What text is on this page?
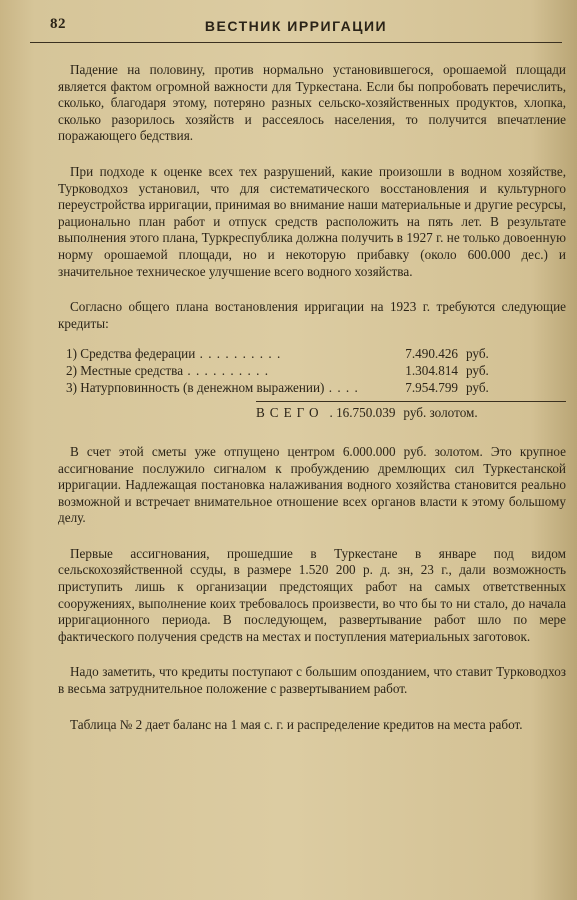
82	ВЕСТНИК ИРРИГАЦИИ

Падение на половину, против нормально установившегося, орошаемой площади является фактом огромной важности для Туркестана. Если бы попробовать перечислить, сколько, благодаря этому, потеряно разных сельско-хозяйственных продуктов, хлопка, сколько разорилось хозяйств и рассеялось населения, то получится впечатление поражающего бедствия.

При подходе к оценке всех тех разрушений, какие произошли в водном хозяйстве, Турководхоз установил, что для систематического восстановления и культурного переустройства ирригации, принимая во внимание наши материальные и другие ресурсы, рационально план работ и отпуск средств расположить на пять лет. В результате выполнения этого плана, Туркреспублика должна получить в 1927 г. не только довоенную норму орошаемой площади, но и некоторую прибавку (около 600.000 дес.) и значительное техническое улучшение всего водного хозяйства.

Согласно общего плана востановления ирригации на 1923 г. требуются следующие кредиты:
1) Средства федерации . .	7.490.426 руб.
2) Местные средства . .	1.304.814 руб.
3) Натурповинность (в денежном выражении) . .	7.954.799 руб.
ВСЕГО . 16.750.039 руб. золотом.

В счет этой сметы уже отпущено центром 6.000.000 руб. золотом. Это крупное ассигнование послужило сигналом к пробуждению дремлющих сил Туркестанской ирригации. Надлежащая постановка налаживания водного хозяйства становится реально возможной и встречает внимательное отношение всех органов власти к этому большому делу.

Первые ассигнования, прошедшие в Туркестане в январе под видом сельскохозяйственной ссуды, в размере 1.520 200 р. д. зн, 23 г., дали возможность приступить лишь к организации предстоящих работ на самых ответственных сооружениях, выполнение коих требовалось произвести, во что бы то ни стало, до начала ирригационного периода. В последующем, развертывание работ шло по мере фактического получения средств на местах и поступления материальных заготовок.

Надо заметить, что кредиты поступают с большим опозданием, что ставит Турководхоз в весьма затруднительное положение с развертыванием работ.

Таблица № 2 дает баланс на 1 мая с. г. и распределение кредитов на места работ.
